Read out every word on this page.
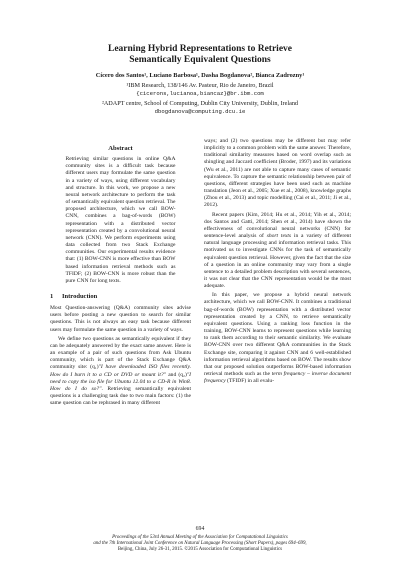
Learning Hybrid Representations to Retrieve
Semantically Equivalent Questions
Cícero dos Santos¹, Luciano Barbosa¹, Dasha Bogdanova², Bianca Zadrozny¹
¹IBM Research, 138/146 Av. Pasteur, Rio de Janeiro, Brazil
{cicerons,lucianoa,biancaz}@br.ibm.com
²ADAPT centre, School of Computing, Dublin City University, Dublin, Ireland
dbogdanova@computing.dcu.ie
Abstract

Retrieving similar questions in online Q&A community sites is a difficult task because different users may formulate the same question in a variety of ways, using different vocabulary and structure. In this work, we propose a new neural network architecture to perform the task of semantically equivalent question retrieval. The proposed architecture, which we call BOW-CNN, combines a bag-of-words (BOW) representation with a distributed vector representation created by a convolutional neural network (CNN). We perform experiments using data collected from two Stack Exchange communities. Our experimental results evidence that: (1) BOW-CNN is more effective than BOW based information retrieval methods such as TFIDF; (2) BOW-CNN is more robust than the pure CNN for long texts.

1 Introduction

Most Question-answering (Q&A) community sites advise users before posting a new question to search for similar questions. This is not always an easy task because different users may formulate the same question in a variety of ways.

We define two questions as semantically equivalent if they can be adequately answered by the exact same answer. Here is an example of a pair of such questions from Ask Ubuntu community, which is part of the Stack Exchange Q&A community site: (q₁)"I have downloaded ISO files recently. How do I burn it to a CD or DVD or mount it?" and (q₂)"I need to copy the iso file for Ubuntu 12.04 to a CD-R in Win8. How do I do so?". Retrieving semantically equivalent questions is a challenging task due to two main factors: (1) the same question can be rephrased in many different

ways; and (2) two questions may be different but may refer implicitly to a common problem with the same answer. Therefore, traditional similarity measures based on word overlap such as shingling and Jaccard coefficient (Broder, 1997) and its variations (Wu et al., 2011) are not able to capture many cases of semantic equivalence. To capture the semantic relationship between pair of questions, different strategies have been used such as machine translation (Jeon et al., 2005; Xue et al., 2008), knowledge graphs (Zhou et al., 2013) and topic modelling (Cai et al., 2011; Ji et al., 2012).

Recent papers (Kim, 2014; Hu et al., 2014; Yih et al., 2014; dos Santos and Gatti, 2014; Shen et al., 2014) have shown the effectiveness of convolutional neural networks (CNN) for sentence-level analysis of short texts in a variety of different natural language processing and information retrieval tasks. This motivated us to investigate CNNs for the task of semantically equivalent question retrieval. However, given the fact that the size of a question in an online community may vary from a single sentence to a detailed problem description with several sentences, it was not clear that the CNN representation would be the most adequate.

In this paper, we propose a hybrid neural network architecture, which we call BOW-CNN. It combines a traditional bag-of-words (BOW) representation with a distributed vector representation created by a CNN, to retrieve semantically equivalent questions. Using a ranking loss function in the training, BOW-CNN learns to represent questions while learning to rank them according to their semantic similarity. We evaluate BOW-CNN over two different Q&A communities in the Stack Exchange site, comparing it against CNN and 6 well-established information retrieval algorithms based on BOW. The results show that our proposed solution outperforms BOW-based information retrieval methods such as the term frequency – inverse document frequency (TFIDF) in all evalu-

694
Proceedings of the 53rd Annual Meeting of the Association for Computational Linguistics
and the 7th International Joint Conference on Natural Language Processing (Short Papers), pages 694–699,
Beijing, China, July 26-31, 2015. ©2015 Association for Computational Linguistics
